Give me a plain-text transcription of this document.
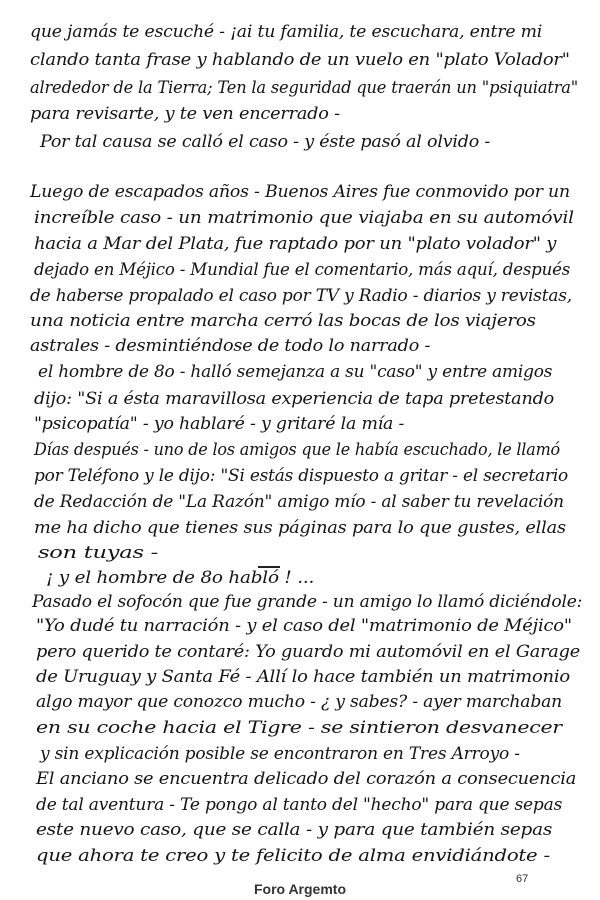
que jamás te escuché - ¡ai tu familia, te escuchara, entre mi
clando tanta frase y hablando de un vuelo en "plato Volador"
alrededor de la Tierra; Ten la seguridad que traerán un "psiquiatra"
para revisarte, y te ven encerrado -
Por tal causa se calló el caso - y éste pasó al olvido -
Luego de escapados años - Buenos Aires fue conmovido por un
increíble caso - un matrimonio que viajaba en su automóvil
hacia a Mar del Plata, fue raptado por un "plato volador" y
dejado en Méjico - Mundial fue el comentario, más aquí, después
de haberse propalado el caso por TV y Radio - diarios y revistas,
una noticia entre marcha cerró las bocas de los viajeros
astrales - desmintiéndose de todo lo narrado -
el hombre de 8o - halló semejanza a su "caso" y entre amigos
dijo: "Si a ésta maravillosa experiencia de tapa pretestando
"psicopatía" - yo hablaré - y gritaré la mía -
Días después - uno de los amigos que le había escuchado, le llamó
por Teléfono y le dijo: "Si estás dispuesto a gritar - el secretario
de Redacción de "La Razón" amigo mío - al saber tu revelación
me ha dicho que tienes sus páginas para lo que gustes, ellas
son tuyas -
¡ y el hombre de 8o habló ! ...
Pasado el sofocón que fue grande - un amigo lo llamó diciéndole:
"Yo dudé tu narración - y el caso del "matrimonio de Méjico"
pero querido te contaré: Yo guardo mi automóvil en el Garage
de Uruguay y Santa Fé - Allí lo hace también un matrimonio
algo mayor que conozco mucho - ¿ y sabes? - ayer marchaban
en su coche hacia el Tigre - se sintieron desvanecer
y sin explicación posible se encontraron en Tres Arroyo -
El anciano se encuentra delicado del corazón a consecuencia
de tal aventura - Te pongo al tanto del "hecho" para que sepas
este nuevo caso, que se calla - y para que también sepas
que ahora te creo y te felicito de alma envidiándote -
67
Foro Argemto
